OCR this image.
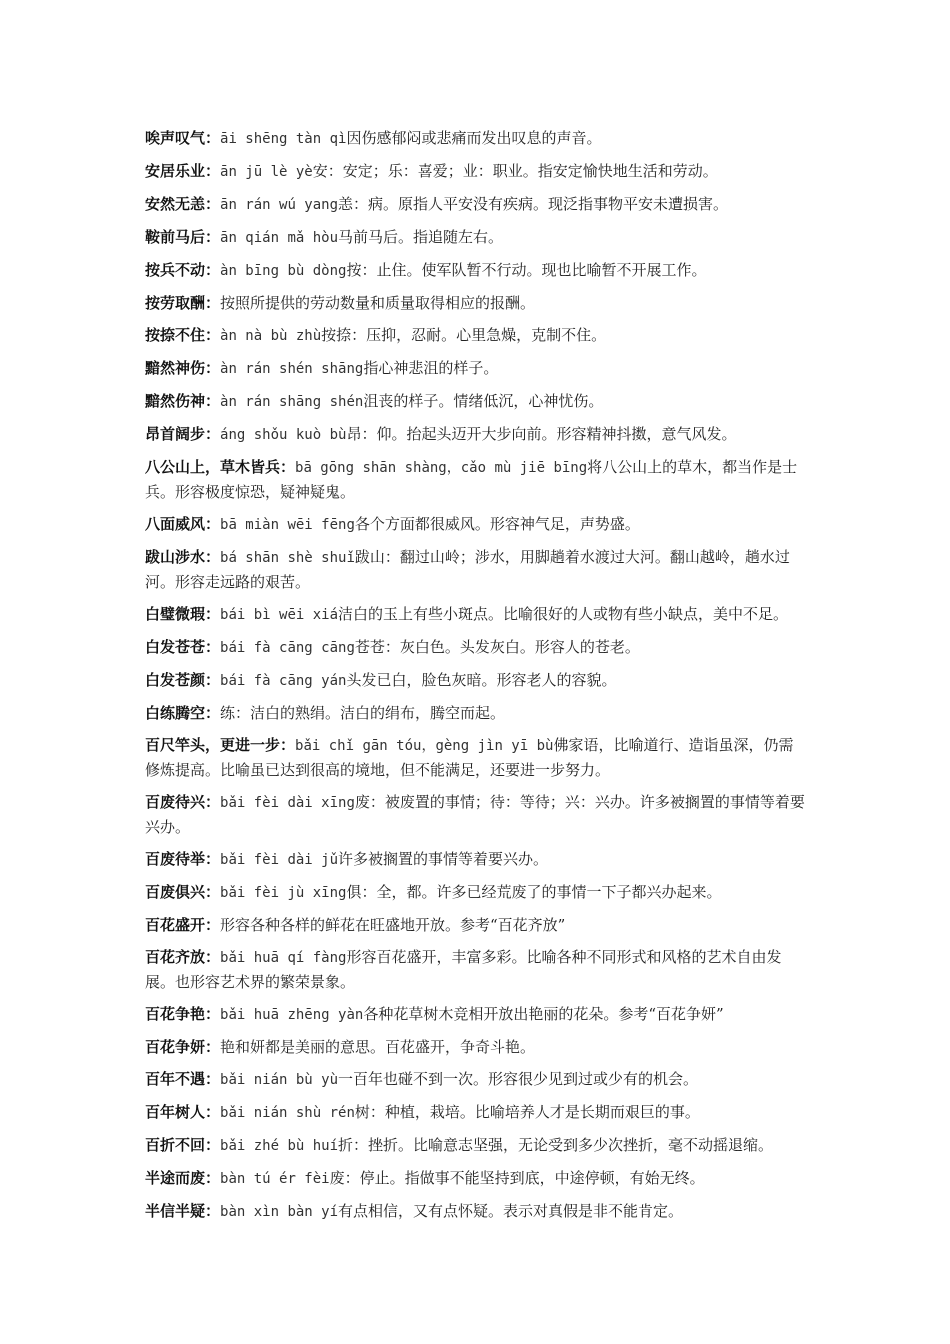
唉声叹气：āi shēng tàn qì因伤感郁闷或悲痛而发出叹息的声音。
安居乐业：ān jū lè yè安：安定；乐：喜爱；业：职业。指安定愉快地生活和劳动。
安然无恙：ān rán wú yang恙：病。原指人平安没有疾病。现泛指事物平安未遭损害。
鞍前马后：ān qián mǎ hòu马前马后。指追随左右。
按兵不动：àn bīng bù dòng按：止住。使军队暂不行动。现也比喻暂不开展工作。
按劳取酬：按照所提供的劳动数量和质量取得相应的报酬。
按捺不住：àn nà bù zhù按捺：压抑，忍耐。心里急燥，克制不住。
黯然神伤：àn rán shén shāng指心神悲沮的样子。
黯然伤神：àn rán shāng shén沮丧的样子。情绪低沉，心神忧伤。
昂首阔步：áng shǒu kuò bù昂：仰。抬起头迈开大步向前。形容精神抖擞，意气风发。
八公山上，草木皆兵：bā gōng shān shàng，cǎo mù jiē bīng将八公山上的草木，都当作是士兵。形容极度惊恐，疑神疑鬼。
八面威风：bā miàn wēi fēng各个方面都很威风。形容神气足，声势盛。
跋山涉水：bá shān shè shuǐ跋山：翻过山岭；涉水，用脚趟着水渡过大河。翻山越岭，趟水过河。形容走远路的艰苦。
白璧微瑕：bái bì wēi xiá洁白的玉上有些小斑点。比喻很好的人或物有些小缺点，美中不足。
白发苍苍：bái fà cāng cāng苍苍：灰白色。头发灰白。形容人的苍老。
白发苍颜：bái fà cāng yán头发已白，脸色灰暗。形容老人的容貌。
白练腾空：练：洁白的熟绢。洁白的绢布，腾空而起。
百尺竿头，更进一步：bǎi chǐ gān tóu，gèng jìn yī bù佛家语，比喻道行、造诣虽深，仍需修炼提高。比喻虽已达到很高的境地，但不能满足，还要进一步努力。
百废待兴：bǎi fèi dài xīng废：被废置的事情；待：等待；兴：兴办。许多被搁置的事情等着要兴办。
百废待举：bǎi fèi dài jǔ许多被搁置的事情等着要兴办。
百废俱兴：bǎi fèi jù xīng俱：全，都。许多已经荒废了的事情一下子都兴办起来。
百花盛开：形容各种各样的鲜花在旺盛地开放。参考“百花齐放”
百花齐放：bǎi huā qí fàng形容百花盛开，丰富多彩。比喻各种不同形式和风格的艺术自由发展。也形容艺术界的繁荣景象。
百花争艳：bǎi huā zhēng yàn各种花草树木竞相开放出艳丽的花朵。参考“百花争妍”
百花争妍：艳和妍都是美丽的意思。百花盛开，争奇斗艳。
百年不遇：bǎi nián bù yù一百年也碰不到一次。形容很少见到过或少有的机会。
百年树人：bǎi nián shù rén树：种植，栽培。比喻培养人才是长期而艰巨的事。
百折不回：bǎi zhé bù huí折：挫折。比喻意志坚强，无论受到多少次挫折，毫不动摇退缩。
半途而废：bàn tú ér fèi废：停止。指做事不能坚持到底，中途停顿，有始无终。
半信半疑：bàn xìn bàn yí有点相信，又有点怀疑。表示对真假是非不能肯定。
